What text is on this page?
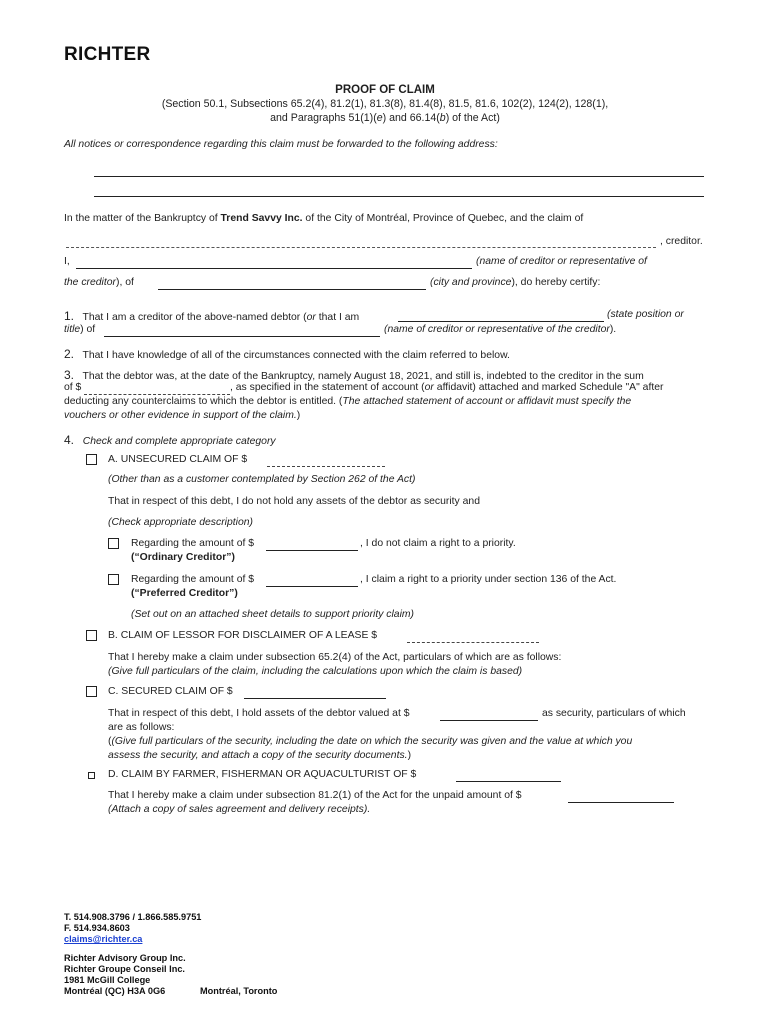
RICHTER
PROOF OF CLAIM
(Section 50.1, Subsections 65.2(4), 81.2(1), 81.3(8), 81.4(8), 81.5, 81.6, 102(2), 124(2), 128(1),
and Paragraphs 51(1)(e) and 66.14(b) of the Act)
All notices or correspondence regarding this claim must be forwarded to the following address:
In the matter of the Bankruptcy of Trend Savvy Inc. of the City of Montréal, Province of Quebec, and the claim of
, creditor.
I,	(name of creditor or representative of
the creditor), of	(city and province), do hereby certify:
1. That I am a creditor of the above-named debtor (or that I am	(state position or
title) of	(name of creditor or representative of the creditor).
2. That I have knowledge of all of the circumstances connected with the claim referred to below.
3. That the debtor was, at the date of the Bankruptcy, namely August 18, 2021, and still is, indebted to the creditor in the sum
of $	, as specified in the statement of account (or affidavit) attached and marked Schedule "A" after
deducting any counterclaims to which the debtor is entitled. (The attached statement of account or affidavit must specify the
vouchers or other evidence in support of the claim.)
4. Check and complete appropriate category
A. UNSECURED CLAIM OF $
(Other than as a customer contemplated by Section 262 of the Act)
That in respect of this debt, I do not hold any assets of the debtor as security and
(Check appropriate description)
Regarding the amount of $	, I do not claim a right to a priority.
(“Ordinary Creditor”)
Regarding the amount of $	, I claim a right to a priority under section 136 of the Act.
(“Preferred Creditor”)
(Set out on an attached sheet details to support priority claim)
B. CLAIM OF LESSOR FOR DISCLAIMER OF A LEASE $
That I hereby make a claim under subsection 65.2(4) of the Act, particulars of which are as follows:
(Give full particulars of the claim, including the calculations upon which the claim is based)
C. SECURED CLAIM OF $
That in respect of this debt, I hold assets of the debtor valued at $	as security, particulars of which
are as follows:
((Give full particulars of the security, including the date on which the security was given and the value at which you
assess the security, and attach a copy of the security documents.)
D. CLAIM BY FARMER, FISHERMAN OR AQUACULTURIST OF $
That I hereby make a claim under subsection 81.2(1) of the Act for the unpaid amount of $
(Attach a copy of sales agreement and delivery receipts).
T. 514.908.3796 / 1.866.585.9751
F. 514.934.8603
claims@richter.ca
Richter Advisory Group Inc.
Richter Groupe Conseil Inc.
1981 McGill College
Montréal (QC) H3A 0G6	Montréal, Toronto
